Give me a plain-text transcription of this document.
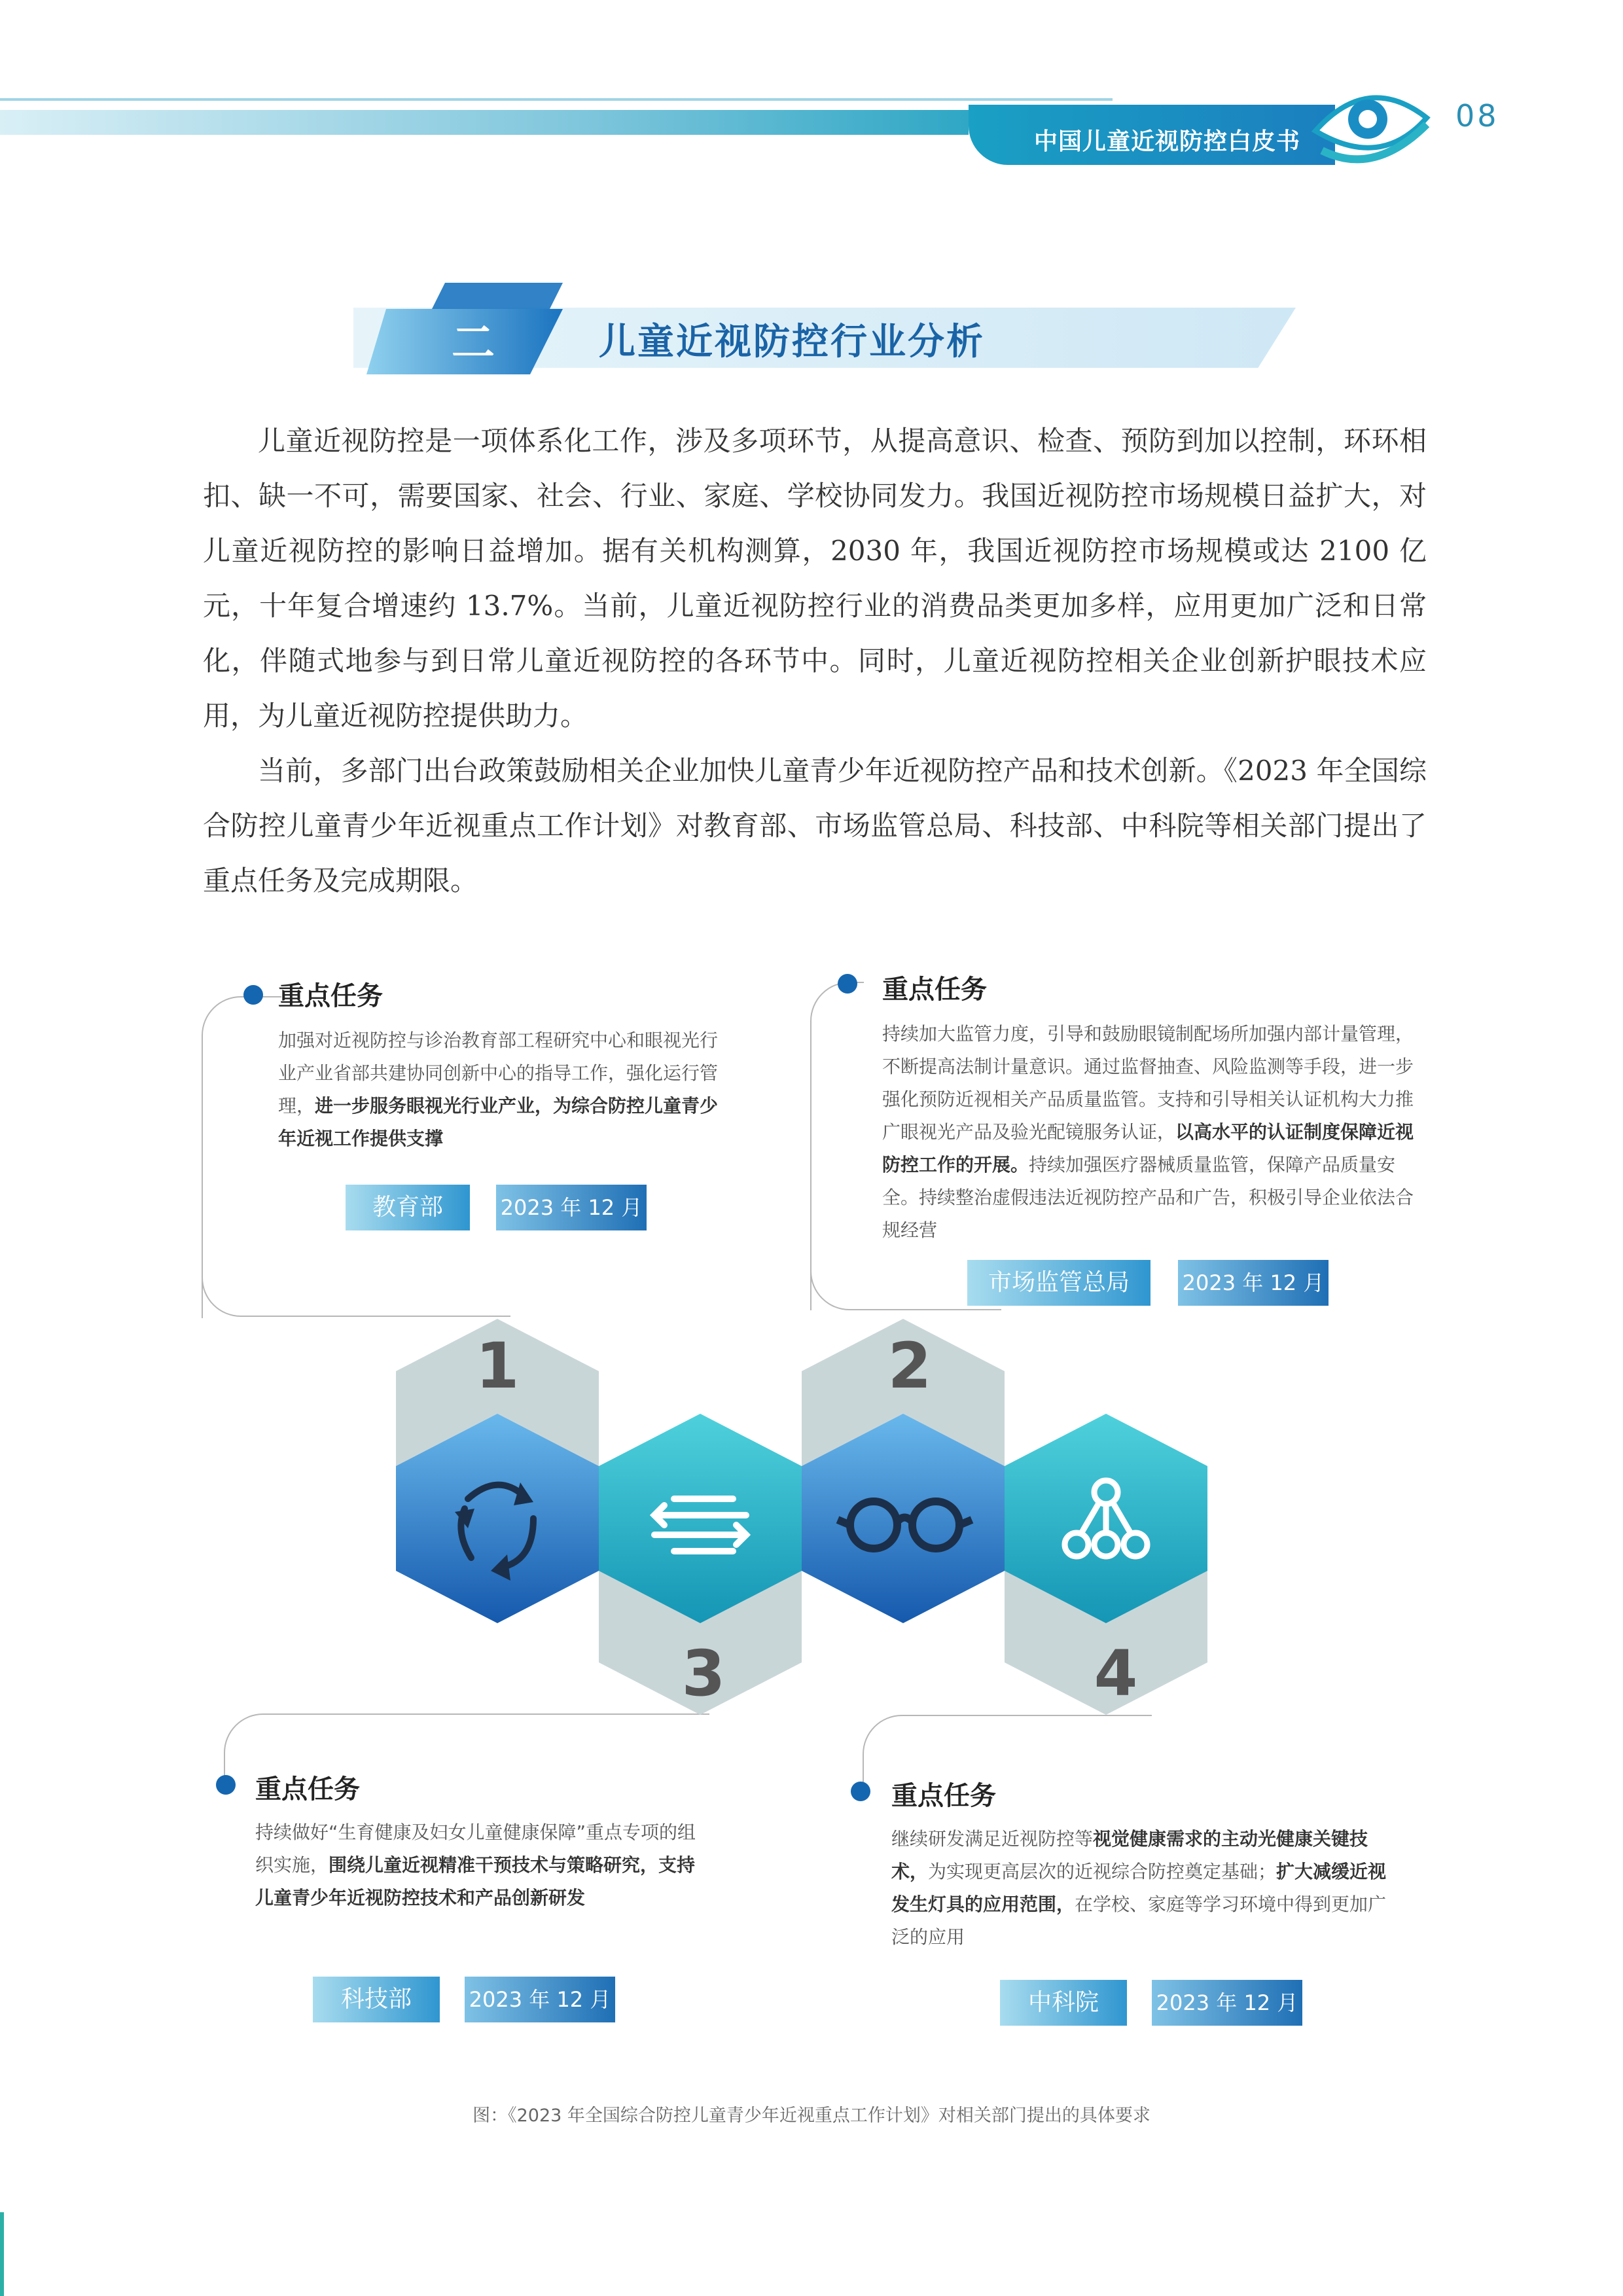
中国儿童近视防控白皮书
08
二	儿童近视防控行业分析
儿童近视防控是一项体系化工作，涉及多项环节，从提高意识、检查、预防到加以控制，环环相扣、缺一不可，需要国家、社会、行业、家庭、学校协同发力。我国近视防控市场规模日益扩大，对儿童近视防控的影响日益增加。据有关机构测算，2030 年，我国近视防控市场规模或达 2100 亿元，十年复合增速约 13.7%。当前，儿童近视防控行业的消费品类更加多样，应用更加广泛和日常化，伴随式地参与到日常儿童近视防控的各环节中。同时，儿童近视防控相关企业创新护眼技术应用，为儿童近视防控提供助力。
当前，多部门出台政策鼓励相关企业加快儿童青少年近视防控产品和技术创新。《2023 年全国综合防控儿童青少年近视重点工作计划》对教育部、市场监管总局、科技部、中科院等相关部门提出了重点任务及完成期限。
重点任务
加强对近视防控与诊治教育部工程研究中心和眼视光行业产业省部共建协同创新中心的指导工作，强化运行管理，进一步服务眼视光行业产业，为综合防控儿童青少年近视工作提供支撑
教育部	2023 年 12 月
重点任务
持续加大监管力度，引导和鼓励眼镜制配场所加强内部计量管理，不断提高法制计量意识。通过监督抽查、风险监测等手段，进一步强化预防近视相关产品质量监管。支持和引导相关认证机构大力推广眼视光产品及验光配镜服务认证，以高水平的认证制度保障近视防控工作的开展。持续加强医疗器械质量监管，保障产品质量安全。持续整治虚假违法近视防控产品和广告，积极引导企业依法合规经营
市场监管总局	2023 年 12 月
重点任务
持续做好“生育健康及妇女儿童健康保障”重点专项的组织实施，围绕儿童近视精准干预技术与策略研究，支持儿童青少年近视防控技术和产品创新研发
科技部	2023 年 12 月
重点任务
继续研发满足近视防控等视觉健康需求的主动光健康关键技术，为实现更高层次的近视综合防控奠定基础；扩大减缓近视发生灯具的应用范围，在学校、家庭等学习环境中得到更加广泛的应用
中科院	2023 年 12 月
1	2
3	4
图：《2023 年全国综合防控儿童青少年近视重点工作计划》对相关部门提出的具体要求
